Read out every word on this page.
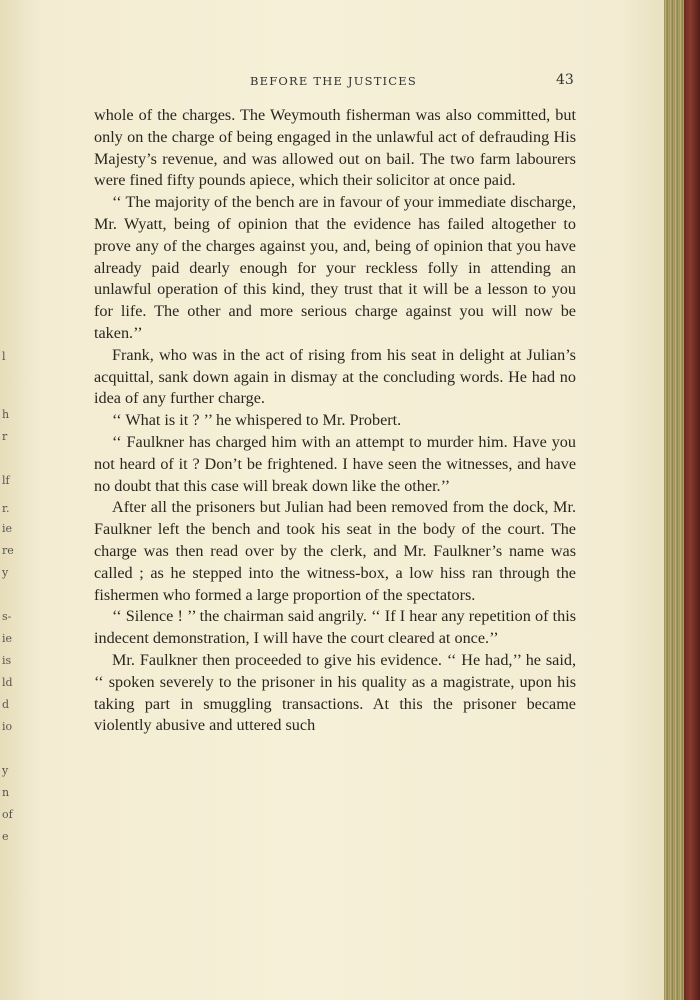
l
h
r
lf
r.
ie
re
y
s-
ie
is
ld
d
io
y
n
of
e
BEFORE THE JUSTICES	43

whole of the charges. The Weymouth fisherman was also committed, but only on the charge of being engaged in the unlawful act of defrauding His Majesty’s revenue, and was allowed out on bail. The two farm labourers were fined fifty pounds apiece, which their solicitor at once paid.

‘‘ The majority of the bench are in favour of your immediate discharge, Mr. Wyatt, being of opinion that the evidence has failed altogether to prove any of the charges against you, and, being of opinion that you have already paid dearly enough for your reckless folly in attending an unlawful operation of this kind, they trust that it will be a lesson to you for life. The other and more serious charge against you will now be taken.’’

Frank, who was in the act of rising from his seat in delight at Julian’s acquittal, sank down again in dismay at the concluding words. He had no idea of any further charge.

‘‘ What is it ? ’’ he whispered to Mr. Probert.

‘‘ Faulkner has charged him with an attempt to murder him. Have you not heard of it ? Don’t be frightened. I have seen the witnesses, and have no doubt that this case will break down like the other.’’

After all the prisoners but Julian had been removed from the dock, Mr. Faulkner left the bench and took his seat in the body of the court. The charge was then read over by the clerk, and Mr. Faulkner’s name was called ; as he stepped into the witness-box, a low hiss ran through the fishermen who formed a large proportion of the spectators.

‘‘ Silence ! ’’ the chairman said angrily. ‘‘ If I hear any repetition of this indecent demonstration, I will have the court cleared at once.’’

Mr. Faulkner then proceeded to give his evidence. ‘‘ He had,’’ he said, ‘‘ spoken severely to the prisoner in his quality as a magistrate, upon his taking part in smuggling transactions. At this the prisoner became violently abusive and uttered such
